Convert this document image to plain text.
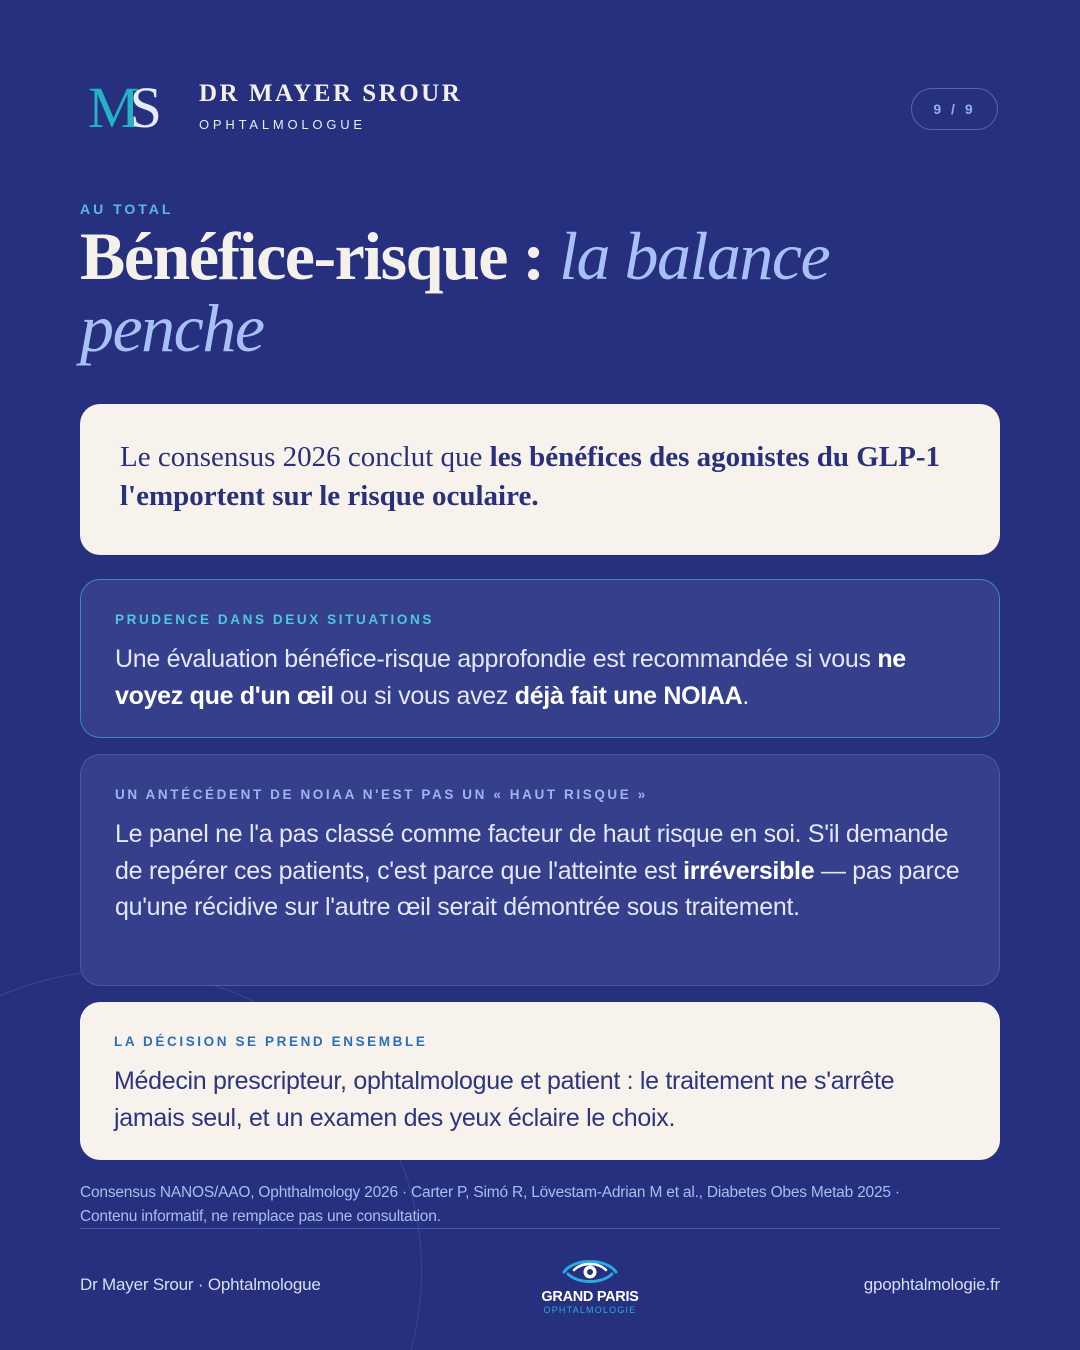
MS DR MAYER SROUR
OPHTALMOLOGUE
9 / 9
AU TOTAL
Bénéfice-risque : la balance penche

Le consensus 2026 conclut que les bénéfices des agonistes du GLP-1 l'emportent sur le risque oculaire.

PRUDENCE DANS DEUX SITUATIONS
Une évaluation bénéfice-risque approfondie est recommandée si vous ne voyez que d'un œil ou si vous avez déjà fait une NOIAA.
UN ANTÉCÉDENT DE NOIAA N'EST PAS UN « HAUT RISQUE »
Le panel ne l'a pas classé comme facteur de haut risque en soi. S'il demande de repérer ces patients, c'est parce que l'atteinte est irréversible — pas parce qu'une récidive sur l'autre œil serait démontrée sous traitement.
LA DÉCISION SE PREND ENSEMBLE
Médecin prescripteur, ophtalmologue et patient : le traitement ne s'arrête jamais seul, et un examen des yeux éclaire le choix.
Consensus NANOS/AAO, Ophthalmology 2026 · Carter P, Simó R, Lövestam-Adrian M et al., Diabetes Obes Metab 2025 ·
Contenu informatif, ne remplace pas une consultation.
Dr Mayer Srour · Ophtalmologue
GRAND PARIS
OPHTALMOLOGIE
gpophtalmologie.fr
